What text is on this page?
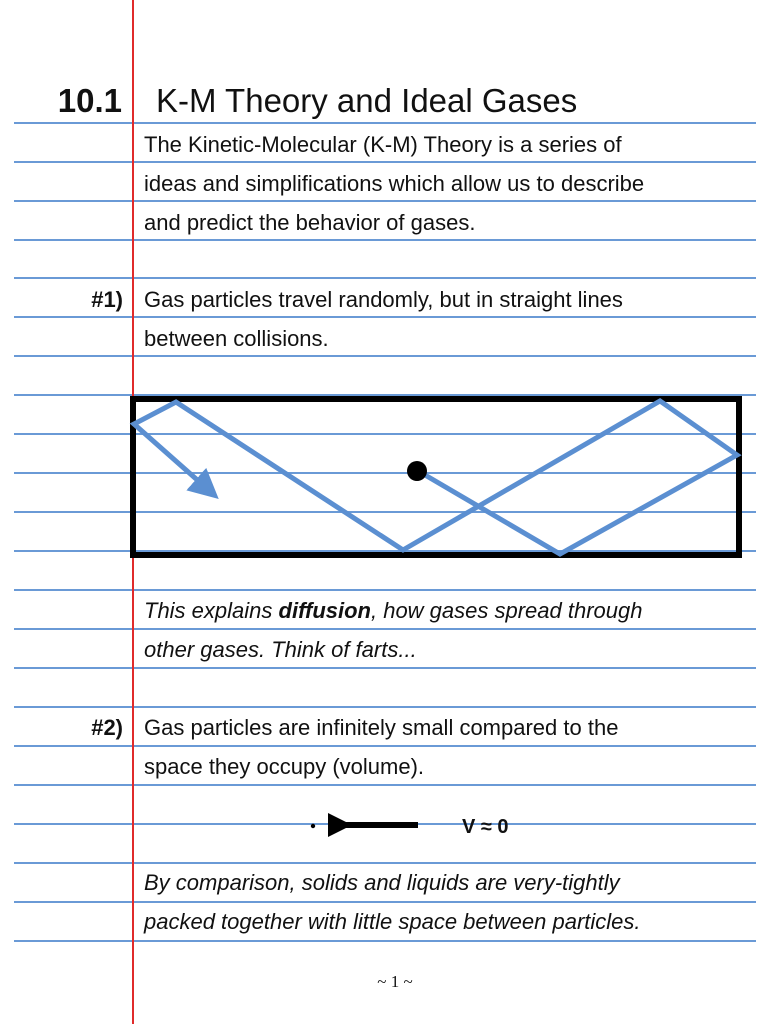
10.1 K-M Theory and Ideal Gases
The Kinetic-Molecular (K-M) Theory is a series of
ideas and simplifications which allow us to describe
and predict the behavior of gases.
#1) Gas particles travel randomly, but in straight lines
between collisions.
This explains diffusion, how gases spread through
other gases. Think of farts...
#2) Gas particles are infinitely small compared to the
space they occupy (volume).
V ≈ 0
By comparison, solids and liquids are very-tightly
packed together with little space between particles.
~ 1 ~
